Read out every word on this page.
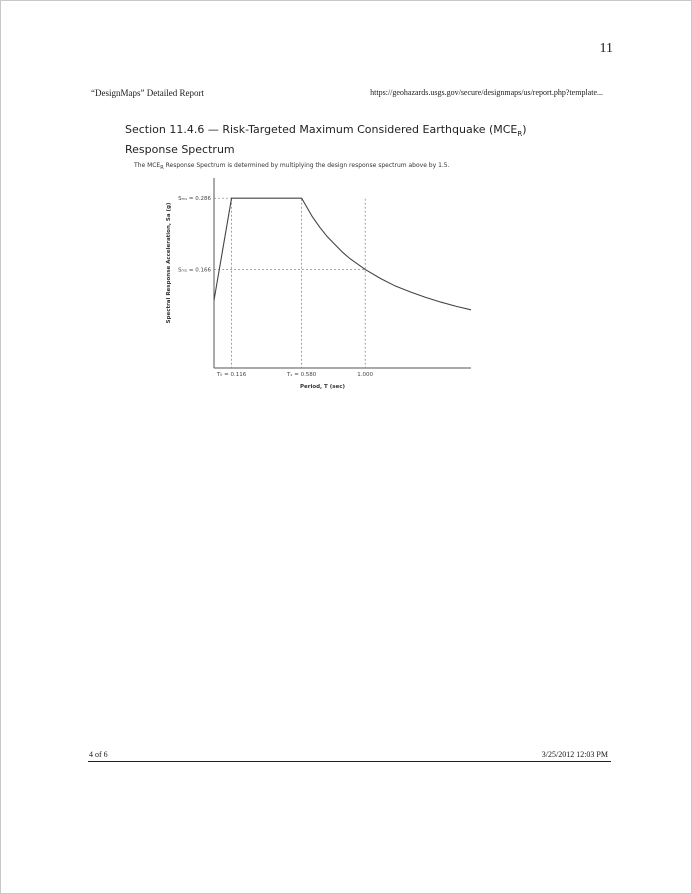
11
“DesignMaps” Detailed Report	https://geohazards.usgs.gov/secure/designmaps/us/report.php?template...
Section 11.4.6 — Risk-Targeted Maximum Considered Earthquake $(MCE_R)$ Response Spectrum
The $MCE_R$ Response Spectrum is determined by multiplying the design response spectrum above by 1.5.
Sₘₛ = 0.286
Sₘ₁ = 0.166
T₀ = 0.116	Tₛ = 0.580	1.000
Period, T (sec)
Spectral Response Acceleration, Sa (g)
4 of 6	3/25/2012 12:03 PM
